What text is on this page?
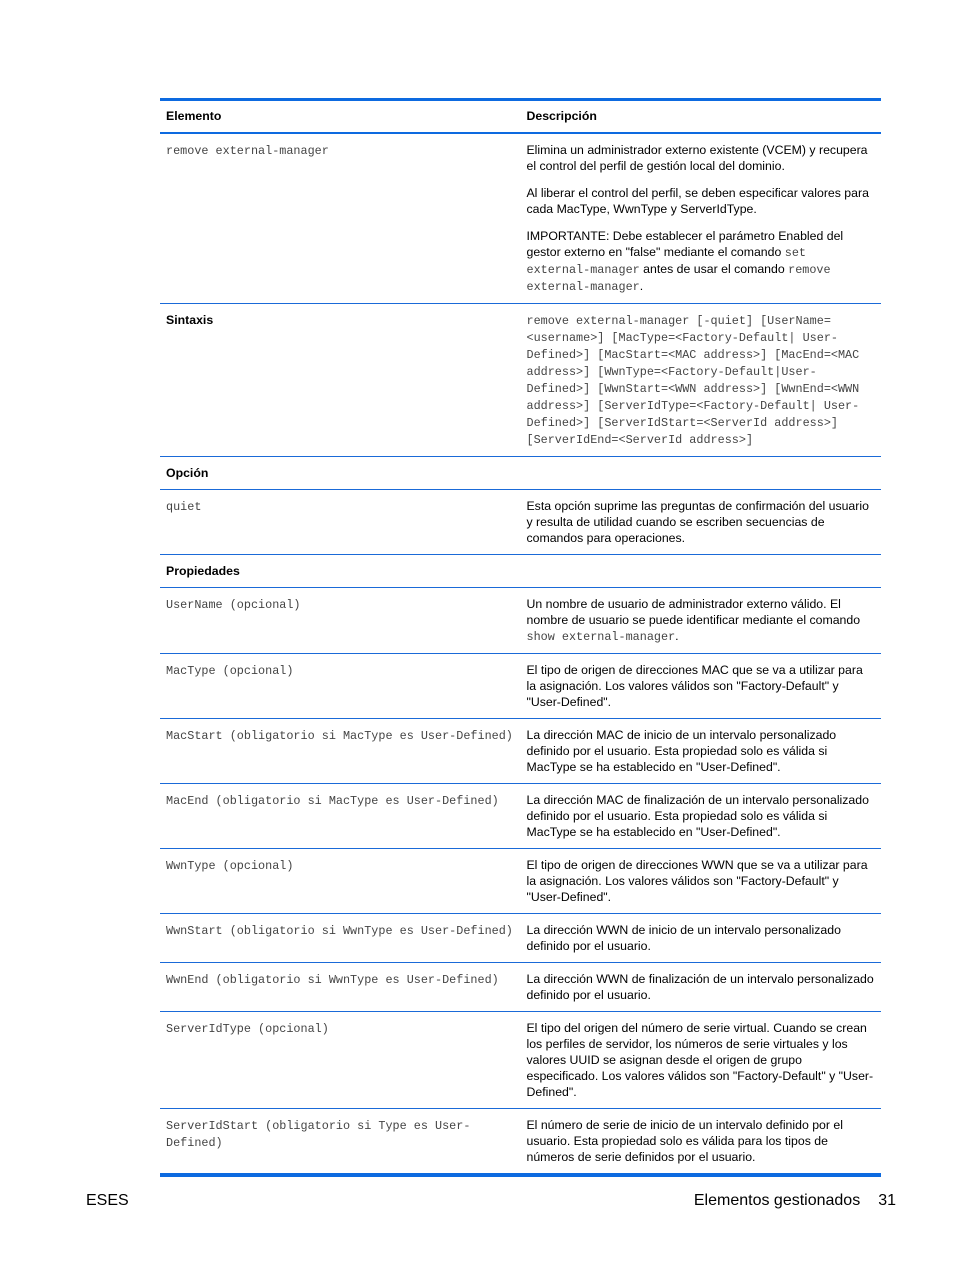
Elemento	Descripción
remove external-manager	Elimina un administrador externo existente (VCEM) y recupera el control del perfil de gestión local del dominio.

Al liberar el control del perfil, se deben especificar valores para cada MacType, WwnType y ServerIdType.

IMPORTANTE: Debe establecer el parámetro Enabled del gestor externo en "false" mediante el comando set external-manager antes de usar el comando remove external-manager.

Sintaxis	remove external-manager [-quiet] [UserName=<username>] [MacType=<Factory-Default| User-Defined>] [MacStart=<MAC address>] [MacEnd=<MAC address>] [WwnType=<Factory-Default|User-Defined>] [WwnStart=<WWN address>] [WwnEnd=<WWN address>] [ServerIdType=<Factory-Default| User-Defined>] [ServerIdStart=<ServerId address>] [ServerIdEnd=<ServerId address>]
Opción	
quiet	Esta opción suprime las preguntas de confirmación del usuario y resulta de utilidad cuando se escriben secuencias de comandos para operaciones.
Propiedades	
UserName (opcional)	Un nombre de usuario de administrador externo válido. El nombre de usuario se puede identificar mediante el comando show external-manager.
MacType (opcional)	El tipo de origen de direcciones MAC que se va a utilizar para la asignación. Los valores válidos son "Factory-Default" y "User-Defined".
MacStart (obligatorio si MacType es User-Defined)	La dirección MAC de inicio de un intervalo personalizado definido por el usuario. Esta propiedad solo es válida si MacType se ha establecido en "User-Defined".
MacEnd (obligatorio si MacType es User-Defined)	La dirección MAC de finalización de un intervalo personalizado definido por el usuario. Esta propiedad solo es válida si MacType se ha establecido en "User-Defined".
WwnType (opcional)	El tipo de origen de direcciones WWN que se va a utilizar para la asignación. Los valores válidos son "Factory-Default" y "User-Defined".
WwnStart (obligatorio si WwnType es User-Defined)	La dirección WWN de inicio de un intervalo personalizado definido por el usuario.
WwnEnd (obligatorio si WwnType es User-Defined)	La dirección WWN de finalización de un intervalo personalizado definido por el usuario.
ServerIdType (opcional)	El tipo del origen del número de serie virtual. Cuando se crean los perfiles de servidor, los números de serie virtuales y los valores UUID se asignan desde el origen de grupo especificado. Los valores válidos son "Factory-Default" y "User-Defined".
ServerIdStart (obligatorio si Type es User-Defined)	El número de serie de inicio de un intervalo definido por el usuario. Esta propiedad solo es válida para los tipos de números de serie definidos por el usuario.
ESES	Elementos gestionados 31
